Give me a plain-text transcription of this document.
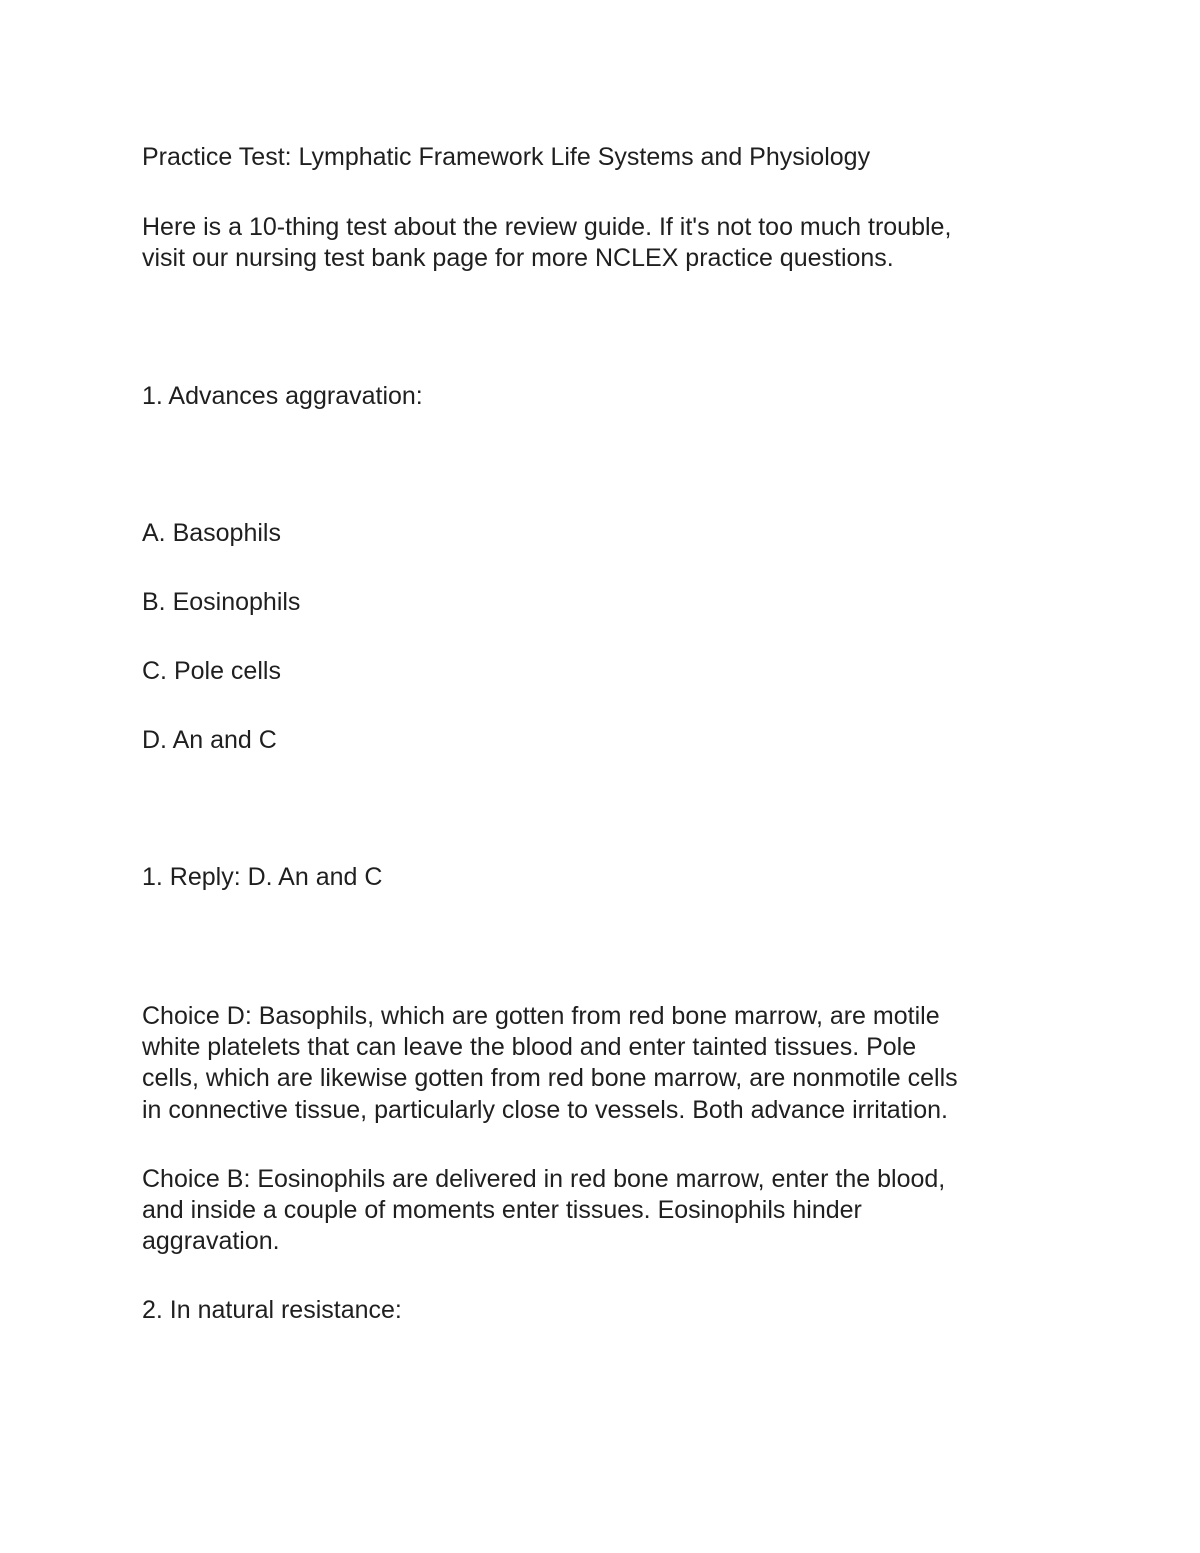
Practice Test: Lymphatic Framework Life Systems and Physiology

Here is a 10-thing test about the review guide. If it's not too much trouble,

visit our nursing test bank page for more NCLEX practice questions.

1. Advances aggravation:

A. Basophils

B. Eosinophils

C. Pole cells

D. An and C

1. Reply: D. An and C

Choice D: Basophils, which are gotten from red bone marrow, are motile

white platelets that can leave the blood and enter tainted tissues. Pole

cells, which are likewise gotten from red bone marrow, are nonmotile cells

in connective tissue, particularly close to vessels. Both advance irritation.

Choice B: Eosinophils are delivered in red bone marrow, enter the blood,

and inside a couple of moments enter tissues. Eosinophils hinder

aggravation.

2. In natural resistance:
